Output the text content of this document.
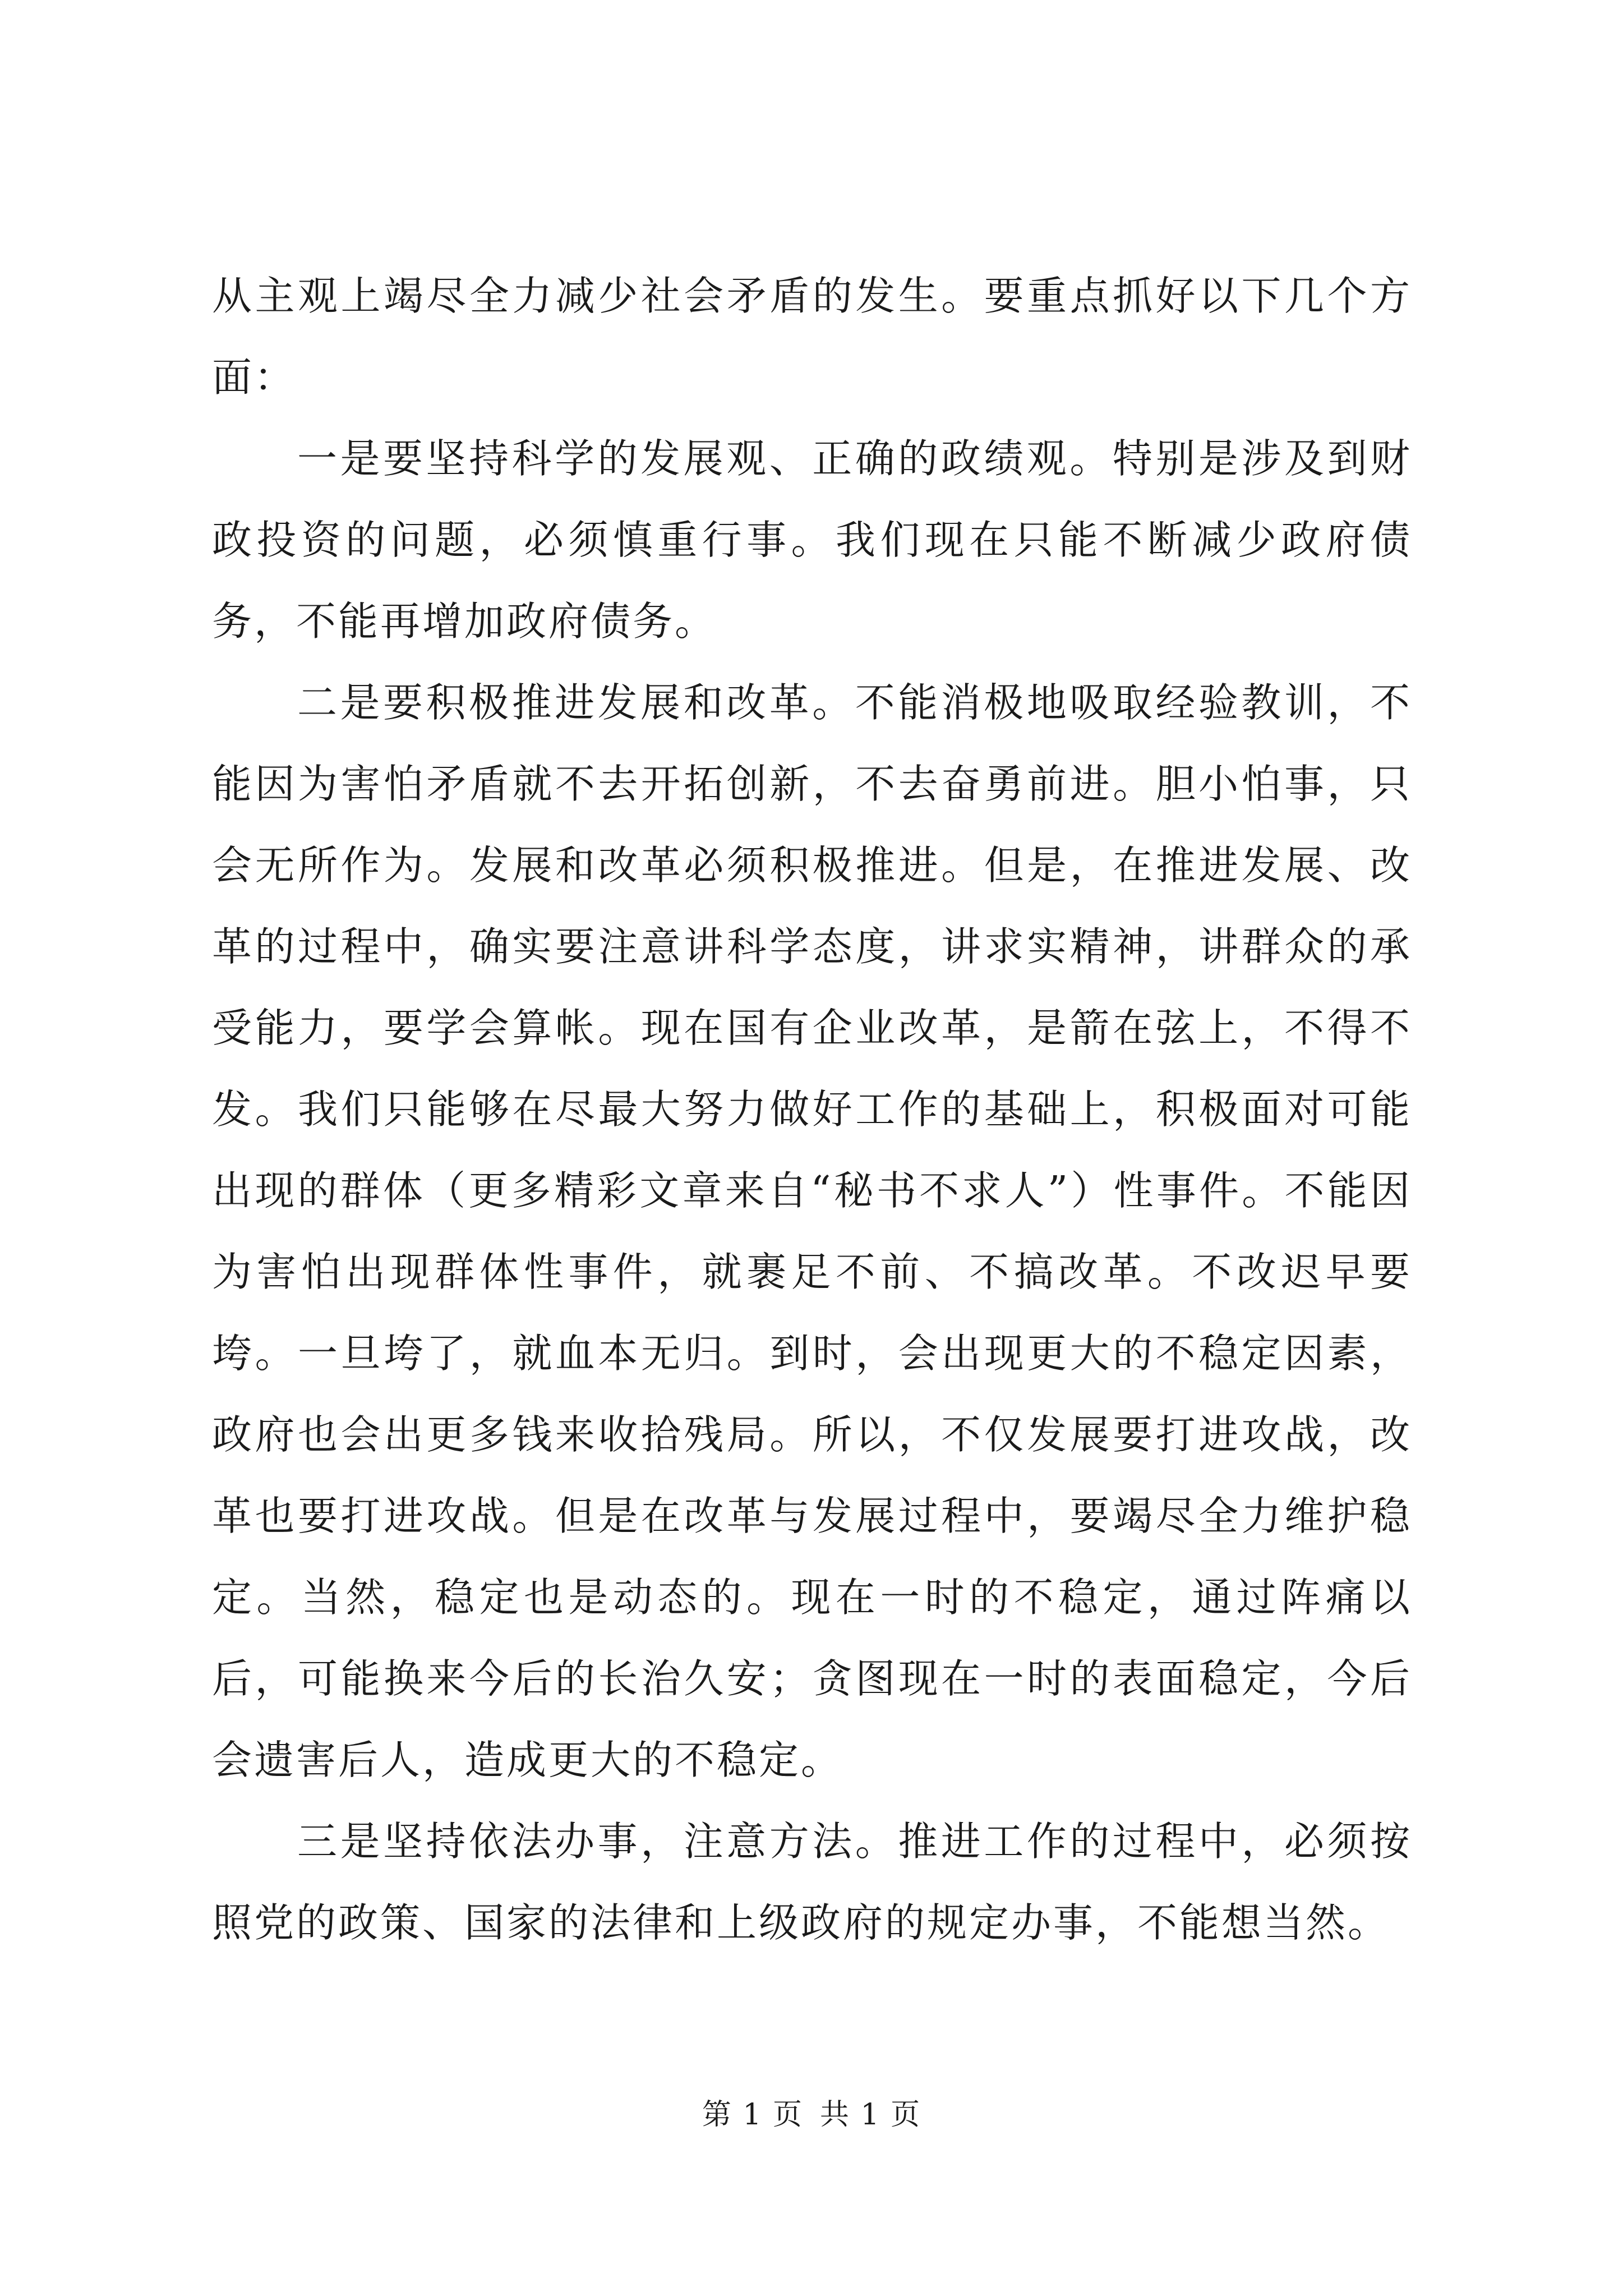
从主观上竭尽全力减少社会矛盾的发生。要重点抓好以下几个方面：

一是要坚持科学的发展观、正确的政绩观。特别是涉及到财政投资的问题，必须慎重行事。我们现在只能不断减少政府债务，不能再增加政府债务。

二是要积极推进发展和改革。不能消极地吸取经验教训，不能因为害怕矛盾就不去开拓创新，不去奋勇前进。胆小怕事，只会无所作为。发展和改革必须积极推进。但是，在推进发展、改革的过程中，确实要注意讲科学态度，讲求实精神，讲群众的承受能力，要学会算帐。现在国有企业改革，是箭在弦上，不得不发。我们只能够在尽最大努力做好工作的基础上，积极面对可能出现的群体（更多精彩文章来自“秘书不求人”）性事件。不能因为害怕出现群体性事件，就裹足不前、不搞改革。不改迟早要垮。一旦垮了，就血本无归。到时，会出现更大的不稳定因素，政府也会出更多钱来收拾残局。所以，不仅发展要打进攻战，改革也要打进攻战。但是在改革与发展过程中，要竭尽全力维护稳定。当然，稳定也是动态的。现在一时的不稳定，通过阵痛以后，可能换来今后的长治久安；贪图现在一时的表面稳定，今后会遗害后人，造成更大的不稳定。

三是坚持依法办事，注意方法。推进工作的过程中，必须按照党的政策、国家的法律和上级政府的规定办事，不能想当然。

第 1 页 共 1 页
